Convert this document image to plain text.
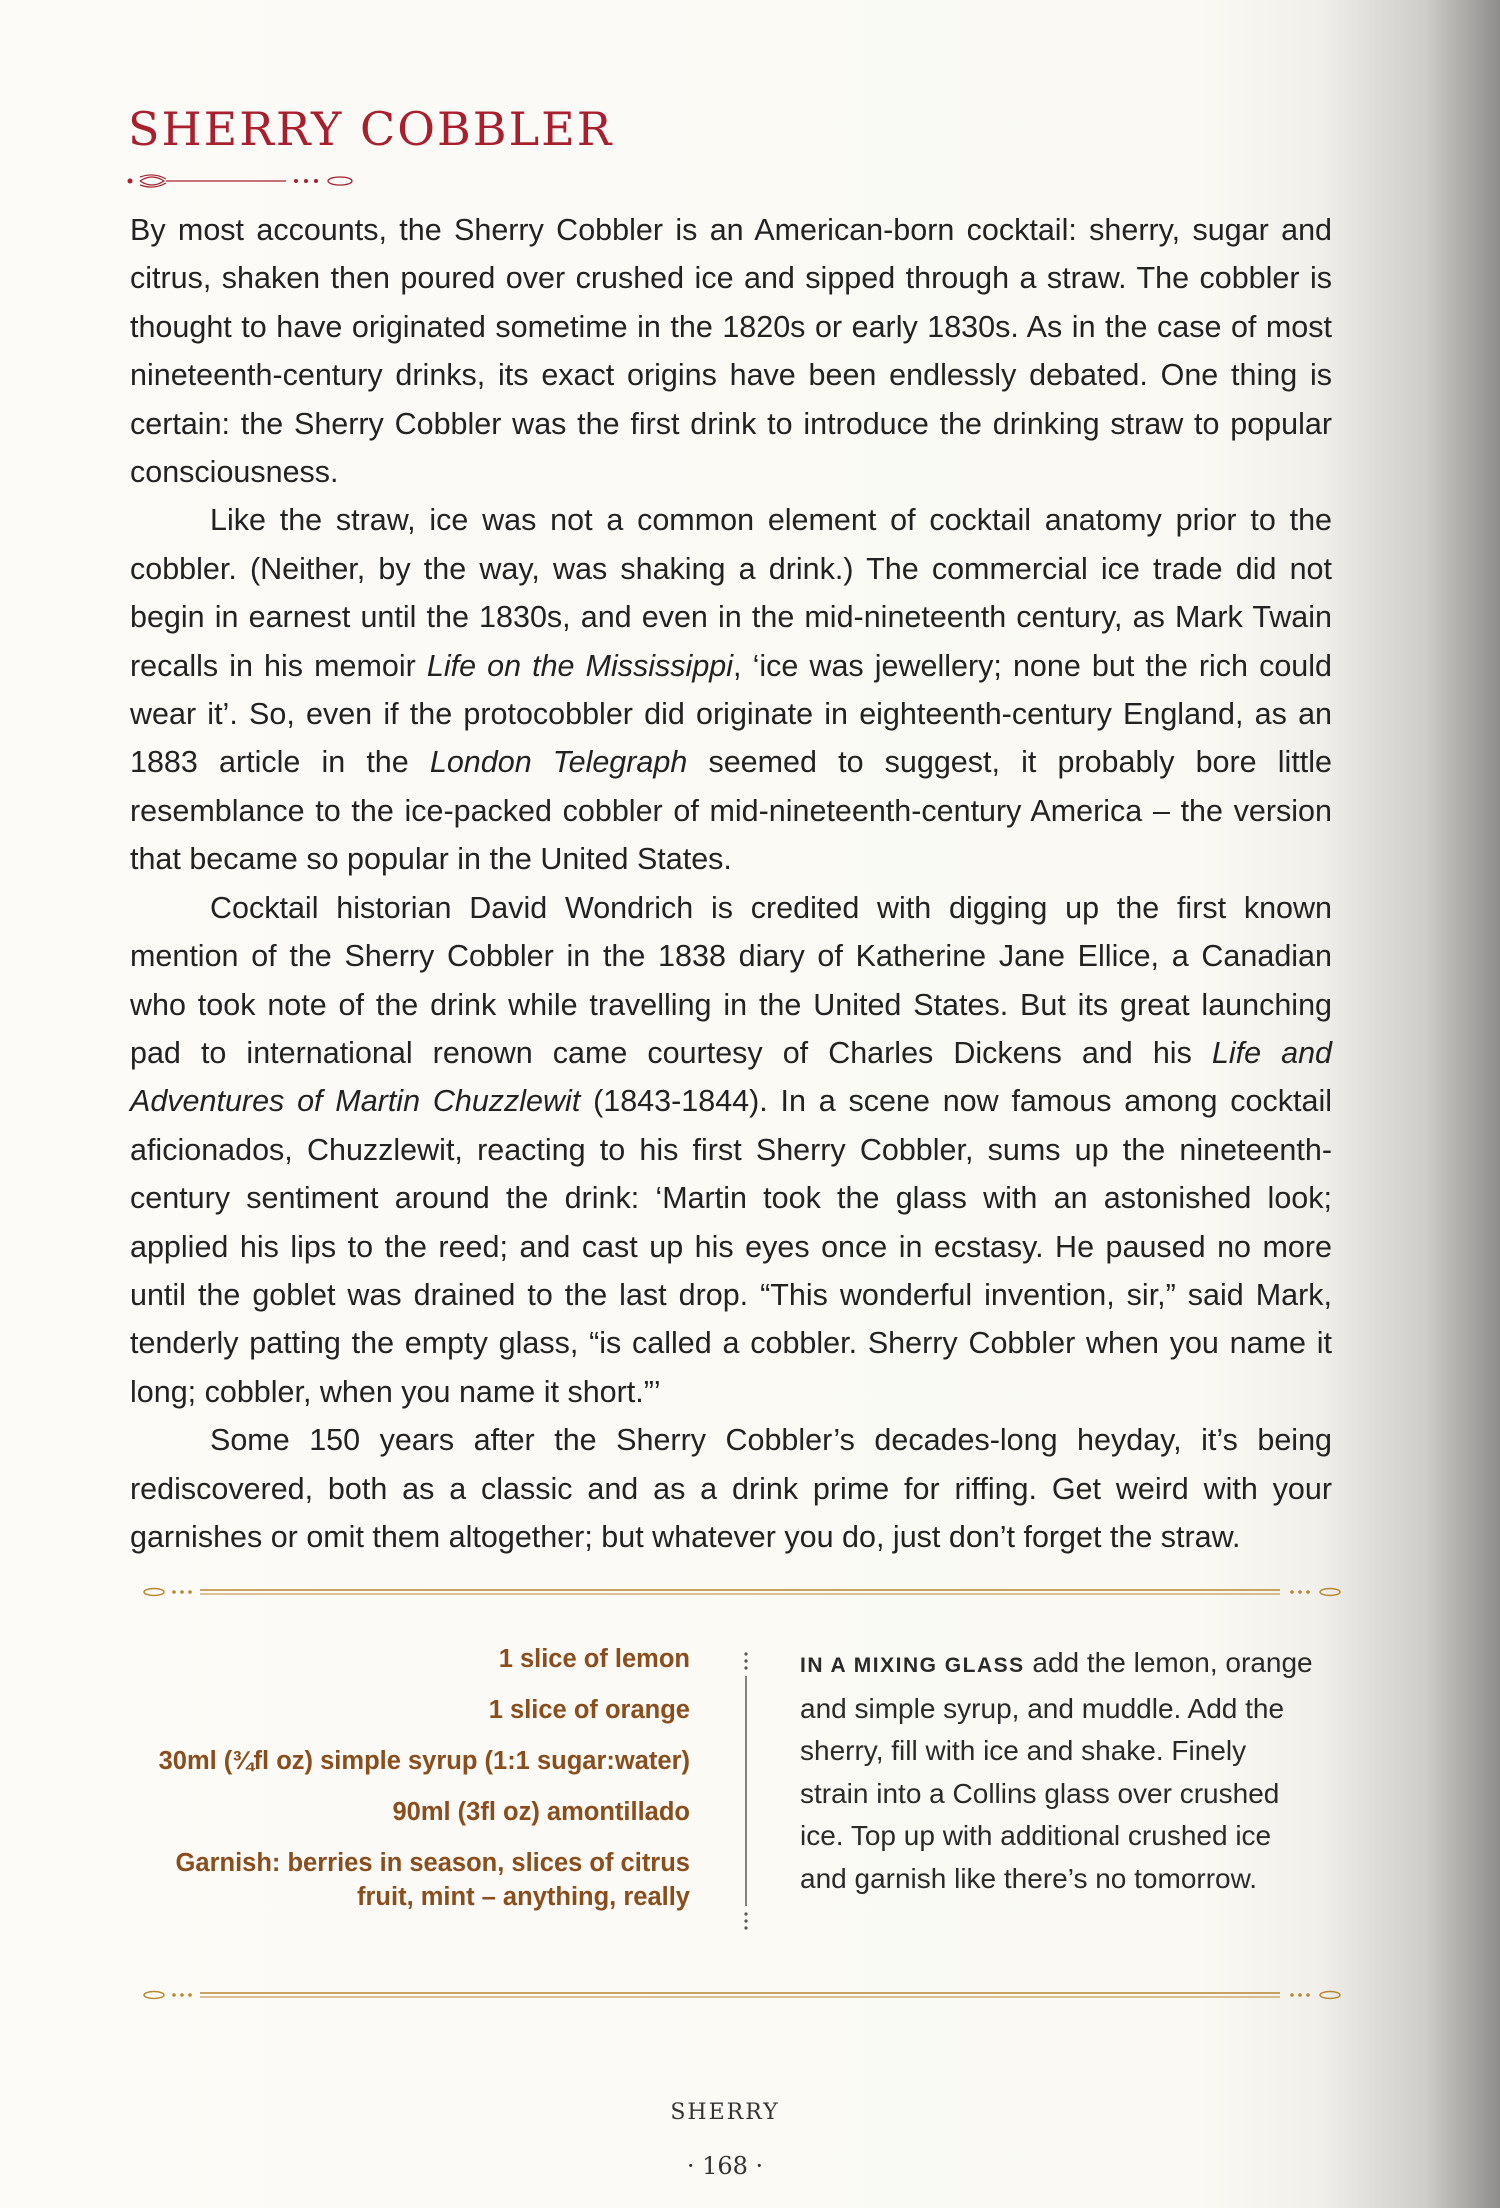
SHERRY COBBLER

By most accounts, the Sherry Cobbler is an American-born cocktail: sherry, sugar and citrus, shaken then poured over crushed ice and sipped through a straw. The cobbler is thought to have originated sometime in the 1820s or early 1830s. As in the case of most nineteenth-century drinks, its exact origins have been endlessly debated. One thing is certain: the Sherry Cobbler was the first drink to introduce the drinking straw to popular consciousness.

Like the straw, ice was not a common element of cocktail anatomy prior to the cobbler. (Neither, by the way, was shaking a drink.) The commercial ice trade did not begin in earnest until the 1830s, and even in the mid-nineteenth century, as Mark Twain recalls in his memoir Life on the Mississippi, ‘ice was jewellery; none but the rich could wear it’. So, even if the protocobbler did originate in eighteenth-century England, as an 1883 article in the London Telegraph seemed to suggest, it probably bore little resemblance to the ice-packed cobbler of mid-nineteenth-century America – the version that became so popular in the United States.

Cocktail historian David Wondrich is credited with digging up the first known mention of the Sherry Cobbler in the 1838 diary of Katherine Jane Ellice, a Canadian who took note of the drink while travelling in the United States. But its great launching pad to international renown came courtesy of Charles Dickens and his Life and Adventures of Martin Chuzzlewit (1843-1844). In a scene now famous among cocktail aficionados, Chuzzlewit, reacting to his first Sherry Cobbler, sums up the nineteenth-century sentiment around the drink: ‘Martin took the glass with an astonished look; applied his lips to the reed; and cast up his eyes once in ecstasy. He paused no more until the goblet was drained to the last drop. “This wonderful invention, sir,” said Mark, tenderly patting the empty glass, “is called a cobbler. Sherry Cobbler when you name it long; cobbler, when you name it short.”’

Some 150 years after the Sherry Cobbler’s decades-long heyday, it’s being rediscovered, both as a classic and as a drink prime for riffing. Get weird with your garnishes or omit them altogether; but whatever you do, just don’t forget the straw.

1 slice of lemon
1 slice of orange
30ml (¾fl oz) simple syrup (1:1 sugar:water)
90ml (3fl oz) amontillado
Garnish: berries in season, slices of citrus
fruit, mint – anything, really
IN A MIXING GLASS add the lemon, orange and simple syrup, and muddle. Add the sherry, fill with ice and shake. Finely strain into a Collins glass over crushed ice. Top up with additional crushed ice and garnish like there’s no tomorrow.
SHERRY
· 168 ·
